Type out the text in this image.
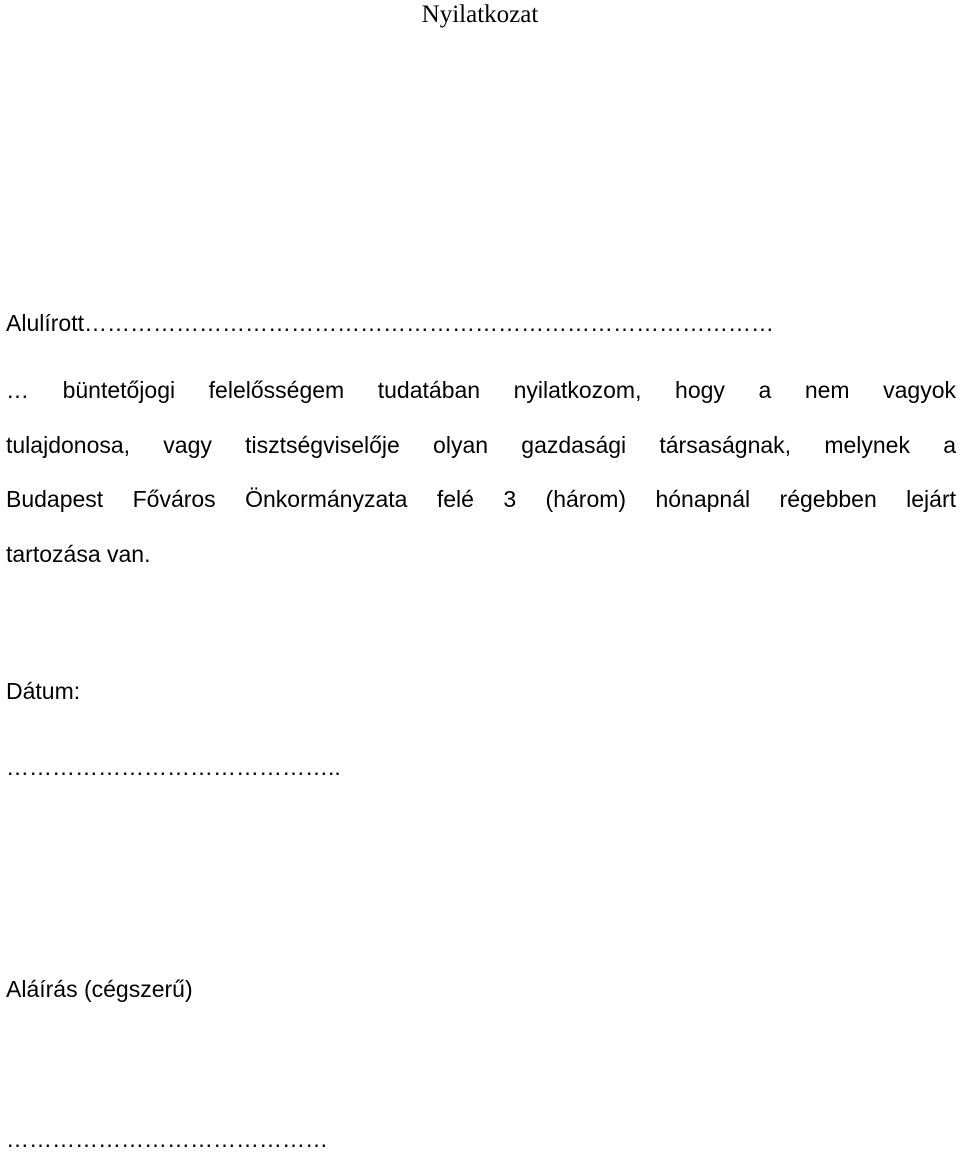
Nyilatkozat
Alulírott………………………………………………………………………………
… büntetőjogi felelősségem tudatában nyilatkozom, hogy a nem vagyok
tulajdonosa, vagy tisztségviselője olyan gazdasági társaságnak, melynek a
Budapest Főváros Önkormányzata felé 3 (három) hónapnál régebben lejárt
tartozása van.
Dátum:
……………………………………..
Aláírás (cégszerű)
……………………………………
